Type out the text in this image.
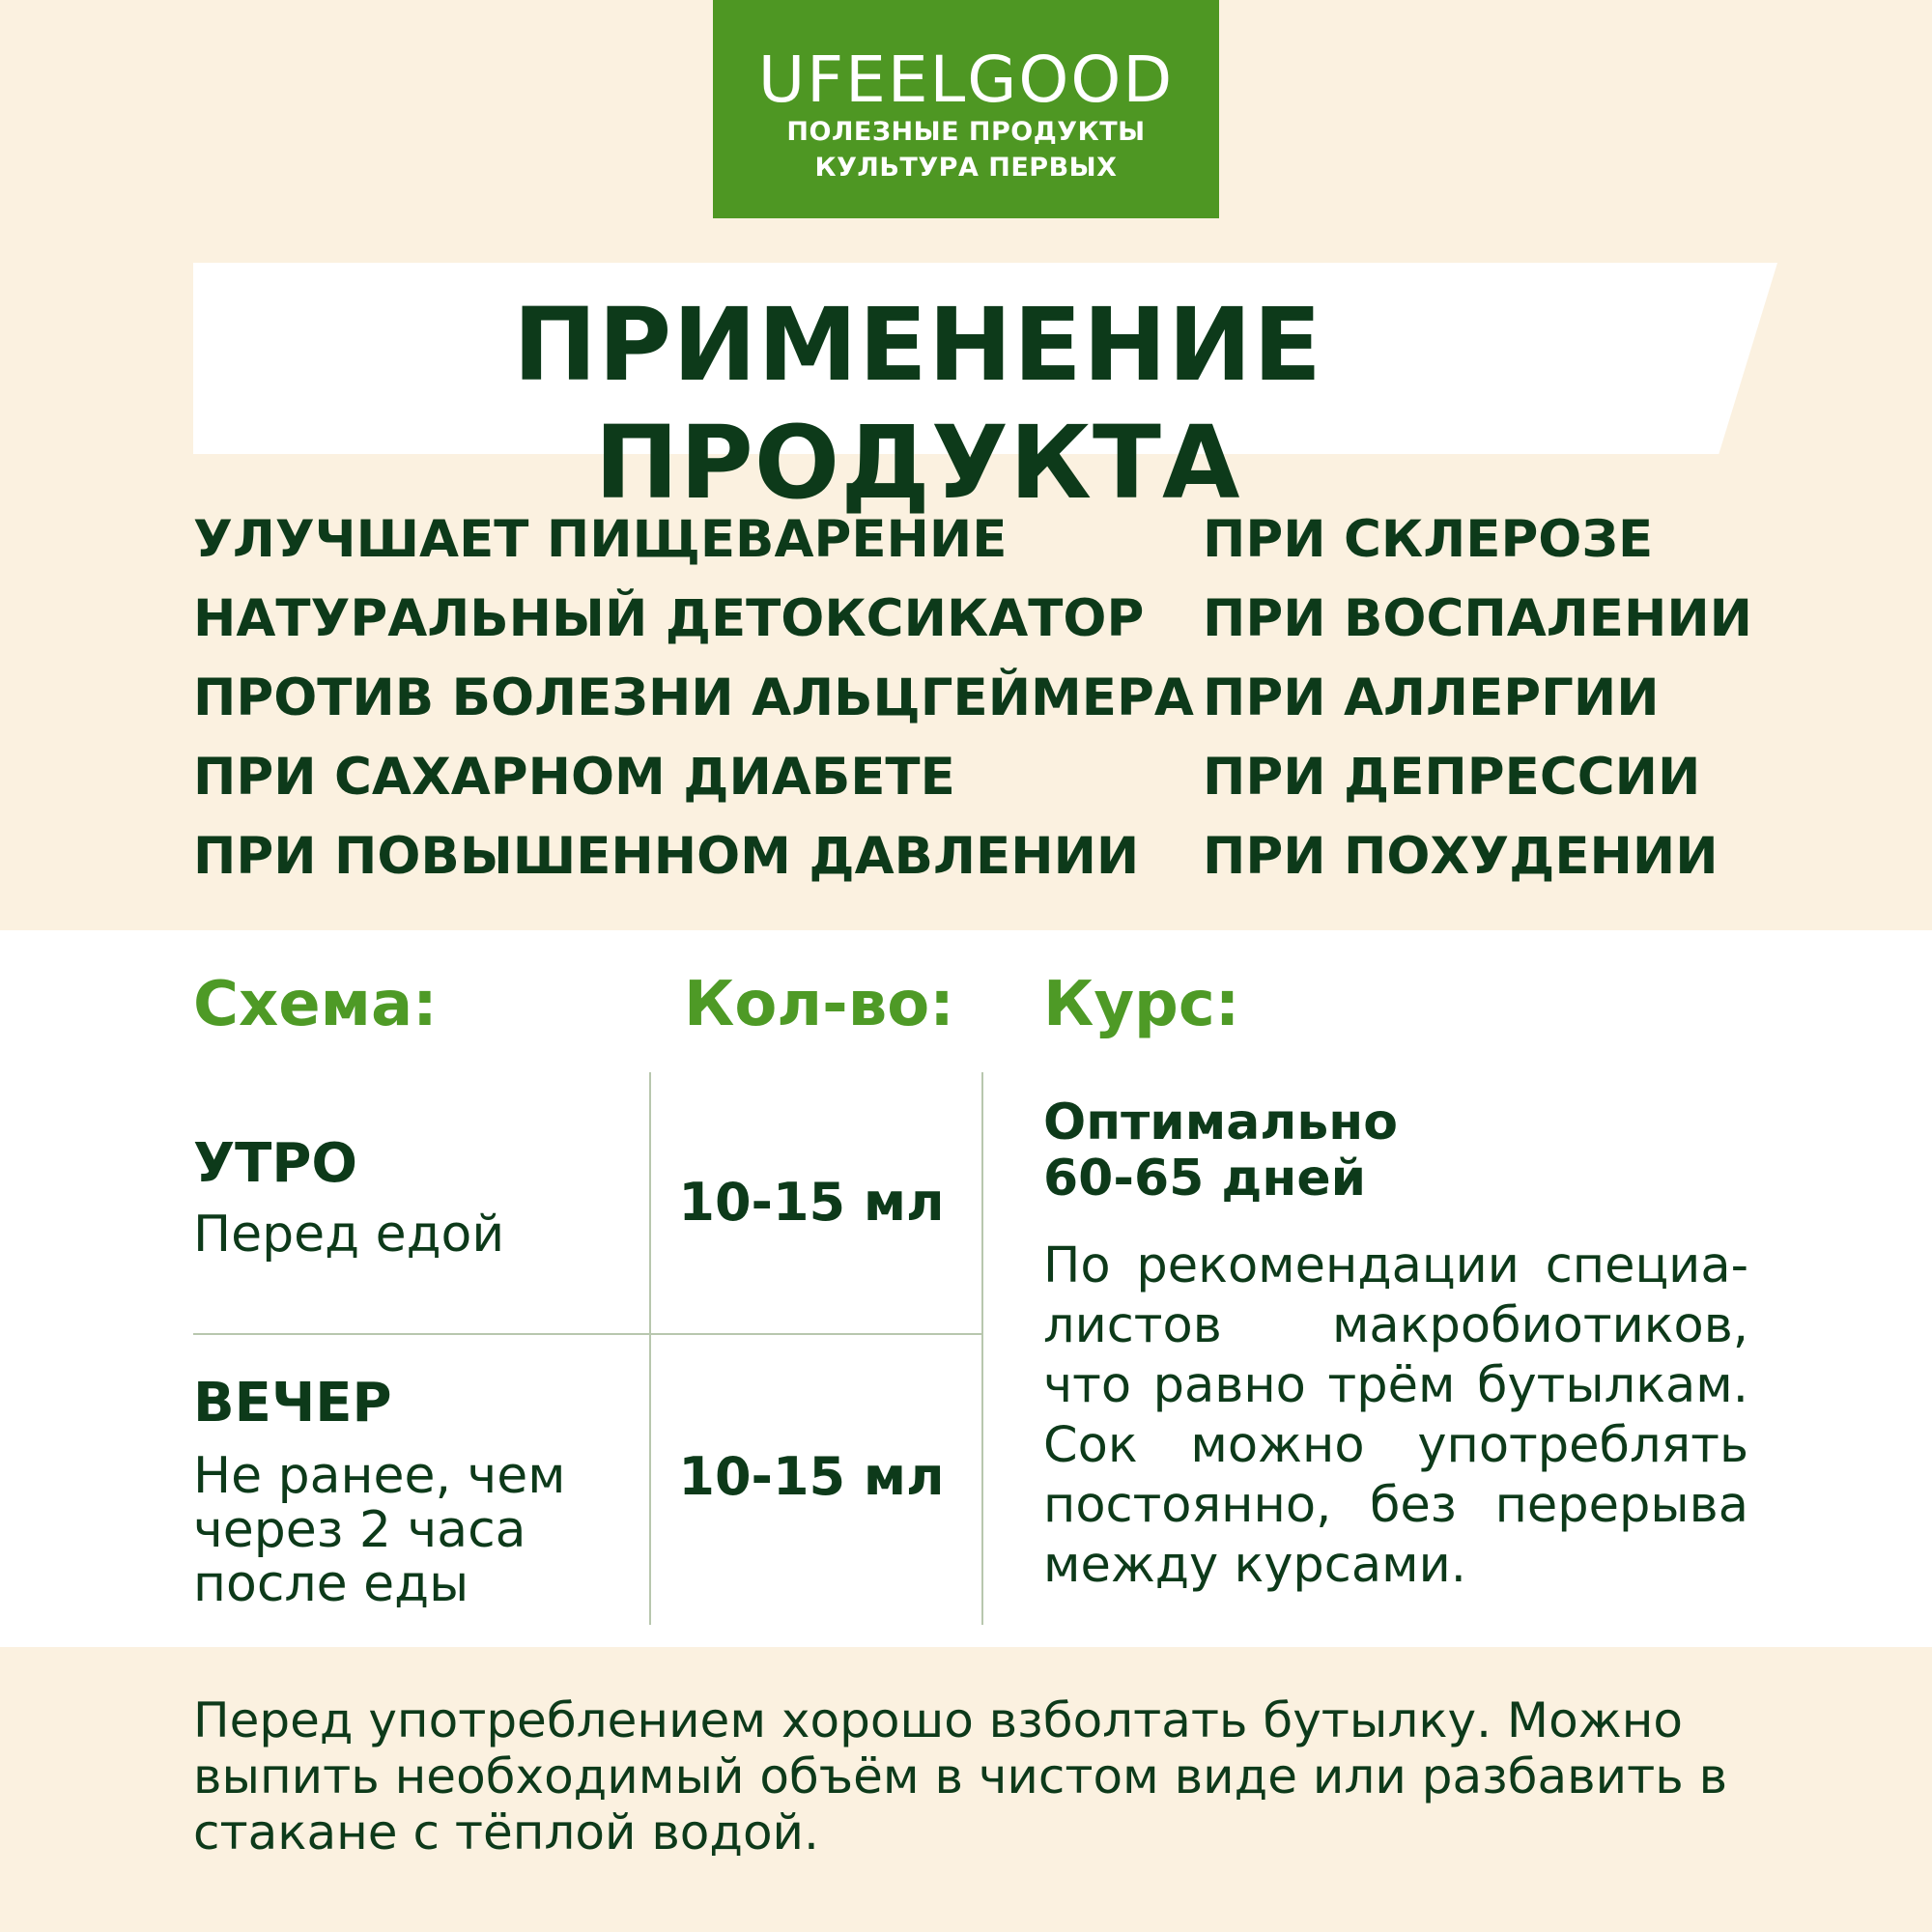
UFEELGOOD
ПОЛЕЗНЫЕ ПРОДУКТЫ
КУЛЬТУРА ПЕРВЫХ
ПРИМЕНЕНИЕ ПРОДУКТА
УЛУЧШАЕТ ПИЩЕВАРЕНИЕ
НАТУРАЛЬНЫЙ ДЕТОКСИКАТОР
ПРОТИВ БОЛЕЗНИ АЛЬЦГЕЙМЕРА
ПРИ САХАРНОМ ДИАБЕТЕ
ПРИ ПОВЫШЕННОМ ДАВЛЕНИИ
ПРИ СКЛЕРОЗЕ
ПРИ ВОСПАЛЕНИИ
ПРИ АЛЛЕРГИИ
ПРИ ДЕПРЕССИИ
ПРИ ПОХУДЕНИИ
Схема:	Кол-во: Курс:
УТРО
Перед едой
10-15 мл
ВЕЧЕР
Не ранее, чем
через 2 часа
после еды
10-15 мл
Оптимально
60-65 дней
По рекомендации специа-листов макробиотиков, что равно трём бутылкам. Сок можно употреблять постоянно, без перерыва между курсами.
Перед употреблением хорошо взболтать бутылку. Можно выпить необходимый объём в чистом виде или разбавить в стакане с тёплой водой.
